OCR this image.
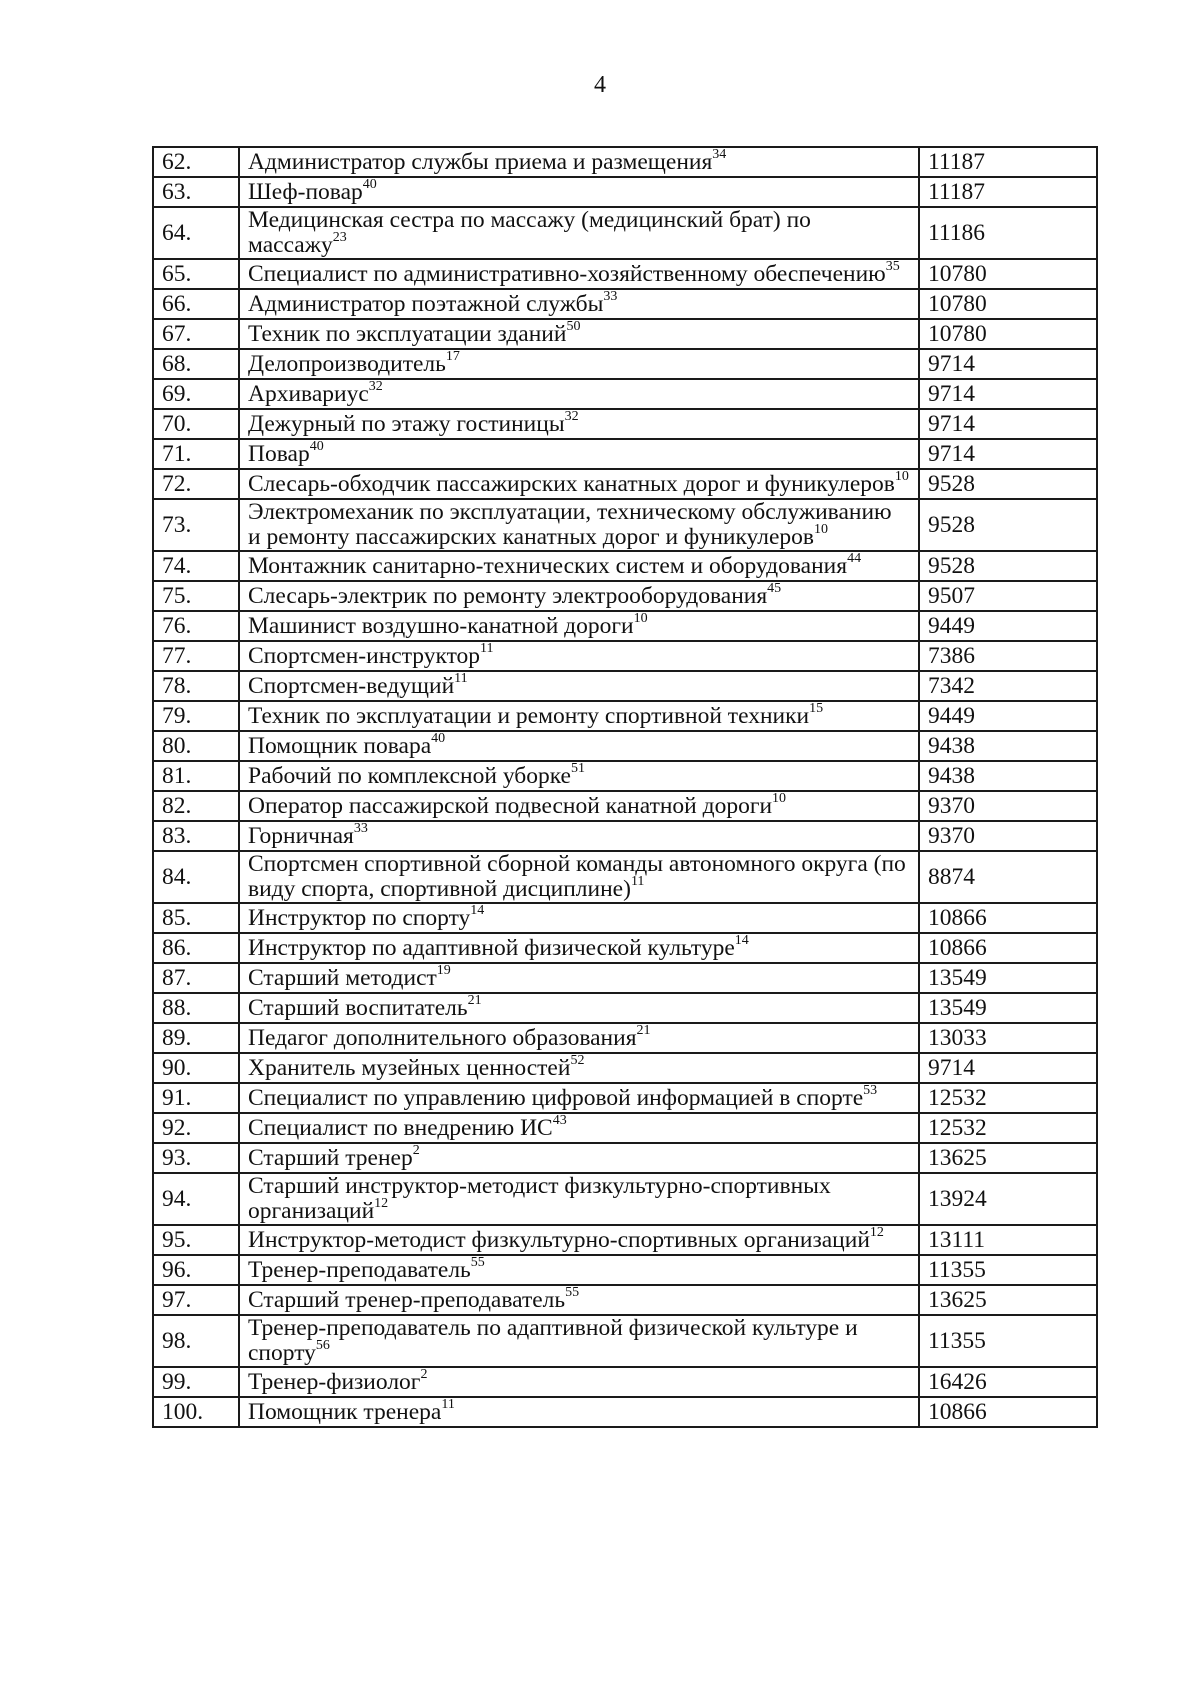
4
62.	Администратор службы приема и размещения$^{34}$	11187
63.	Шеф-повар$^{40}$	11187
64.	Медицинская сестра по массажу (медицинский брат) по массажу$^{23}$	11186
65.	Специалист по административно-хозяйственному обеспечению$^{35}$	10780
66.	Администратор поэтажной службы$^{33}$	10780
67.	Техник по эксплуатации зданий$^{50}$	10780
68.	Делопроизводитель$^{17}$	9714
69.	Архивариус$^{32}$	9714
70.	Дежурный по этажу гостиницы$^{32}$	9714
71.	Повар$^{40}$	9714
72.	Слесарь-обходчик пассажирских канатных дорог и фуникулеров$^{10}$	9528
73.	Электромеханик по эксплуатации, техническому обслуживанию и ремонту пассажирских канатных дорог и фуникулеров$^{10}$	9528
74.	Монтажник санитарно-технических систем и оборудования$^{44}$	9528
75.	Слесарь-электрик по ремонту электрооборудования$^{45}$	9507
76.	Машинист воздушно-канатной дороги$^{10}$	9449
77.	Спортсмен-инструктор$^{11}$	7386
78.	Спортсмен-ведущий$^{11}$	7342
79.	Техник по эксплуатации и ремонту спортивной техники$^{15}$	9449
80.	Помощник повара$^{40}$	9438
81.	Рабочий по комплексной уборке$^{51}$	9438
82.	Оператор пассажирской подвесной канатной дороги$^{10}$	9370
83.	Горничная$^{33}$	9370
84.	Спортсмен спортивной сборной команды автономного округа (по виду спорта, спортивной дисциплине)$^{11}$	8874
85.	Инструктор по спорту$^{14}$	10866
86.	Инструктор по адаптивной физической культуре$^{14}$	10866
87.	Старший методист$^{19}$	13549
88.	Старший воспитатель$^{21}$	13549
89.	Педагог дополнительного образования$^{21}$	13033
90.	Хранитель музейных ценностей$^{52}$	9714
91.	Специалист по управлению цифровой информацией в спорте$^{53}$	12532
92.	Специалист по внедрению ИС$^{43}$	12532
93.	Старший тренер$^2$	13625
94.	Старший инструктор-методист физкультурно-спортивных организаций$^{12}$	13924
95.	Инструктор-методист физкультурно-спортивных организаций$^{12}$	13111
96.	Тренер-преподаватель$^{55}$	11355
97.	Старший тренер-преподаватель$^{55}$	13625
98.	Тренер-преподаватель по адаптивной физической культуре и спорту$^{56}$	11355
99.	Тренер-физиолог$^2$	16426
100.	Помощник тренера$^{11}$	10866
